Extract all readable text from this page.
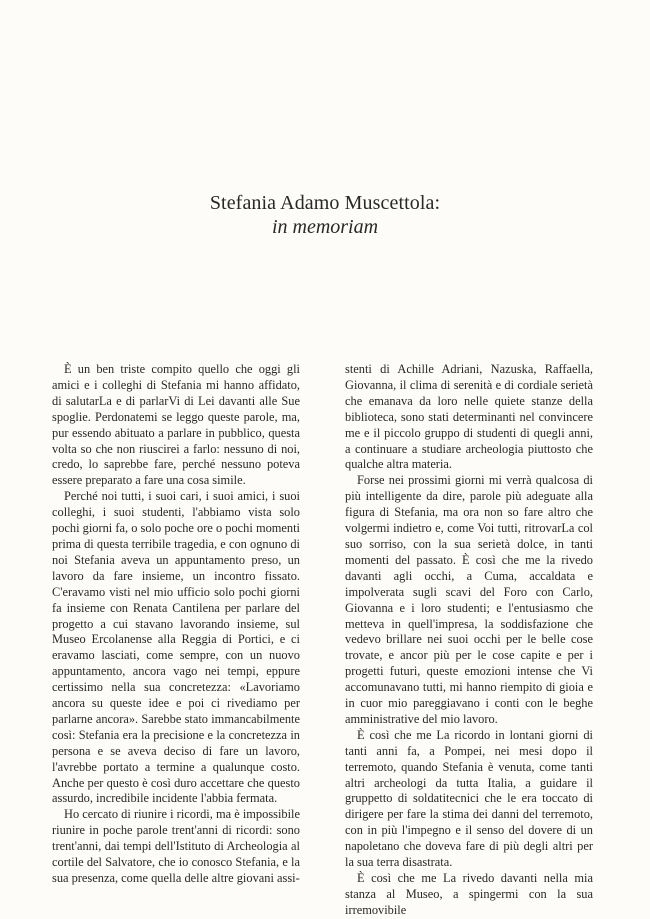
Stefania Adamo Muscettola:
in memoriam

È un ben triste compito quello che oggi gli amici e i colleghi di Stefania mi hanno affidato, di salutarLa e di parlarVi di Lei davanti alle Sue spoglie. Perdonatemi se leggo queste parole, ma, pur essendo abituato a parlare in pubblico, questa volta so che non riuscirei a farlo: nessuno di noi, credo, lo saprebbe fare, perché nessuno poteva essere preparato a fare una cosa simile.

Perché noi tutti, i suoi cari, i suoi amici, i suoi colleghi, i suoi studenti, l'abbiamo vista solo pochi giorni fa, o solo poche ore o pochi momenti prima di questa terribile tragedia, e con ognuno di noi Stefania aveva un appuntamento preso, un lavoro da fare insieme, un incontro fissato. C'eravamo visti nel mio ufficio solo pochi giorni fa insieme con Renata Cantilena per parlare del progetto a cui stavano lavorando insieme, sul Museo Ercolanense alla Reggia di Portici, e ci eravamo lasciati, come sempre, con un nuovo appuntamento, ancora vago nei tempi, eppure certissimo nella sua concretezza: «Lavoriamo ancora su queste idee e poi ci rivediamo per parlarne ancora». Sarebbe stato immancabilmente così: Stefania era la precisione e la concretezza in persona e se aveva deciso di fare un lavoro, l'avrebbe portato a termine a qualunque costo. Anche per questo è così duro accettare che questo assurdo, incredibile incidente l'abbia fermata.

Ho cercato di riunire i ricordi, ma è impossibile riunire in poche parole trent'anni di ricordi: sono trent'anni, dai tempi dell'Istituto di Archeologia al cortile del Salvatore, che io conosco Stefania, e la sua presenza, come quella delle altre giovani assi-

stenti di Achille Adriani, Nazuska, Raffaella, Giovanna, il clima di serenità e di cordiale serietà che emanava da loro nelle quiete stanze della biblioteca, sono stati determinanti nel convincere me e il piccolo gruppo di studenti di quegli anni, a continuare a studiare archeologia piuttosto che qualche altra materia.

Forse nei prossimi giorni mi verrà qualcosa di più intelligente da dire, parole più adeguate alla figura di Stefania, ma ora non so fare altro che volgermi indietro e, come Voi tutti, ritrovarLa col suo sorriso, con la sua serietà dolce, in tanti momenti del passato. È così che me la rivedo davanti agli occhi, a Cuma, accaldata e impolverata sugli scavi del Foro con Carlo, Giovanna e i loro studenti; e l'entusiasmo che metteva in quell'impresa, la soddisfazione che vedevo brillare nei suoi occhi per le belle cose trovate, e ancor più per le cose capite e per i progetti futuri, queste emozioni intense che Vi accomunavano tutti, mi hanno riempito di gioia e in cuor mio pareggiavano i conti con le beghe amministrative del mio lavoro.

È così che me La ricordo in lontani giorni di tanti anni fa, a Pompei, nei mesi dopo il terremoto, quando Stefania è venuta, come tanti altri archeologi da tutta Italia, a guidare il gruppetto di soldatitecnici che le era toccato di dirigere per fare la stima dei danni del terremoto, con in più l'impegno e il senso del dovere di un napoletano che doveva fare di più degli altri per la sua terra disastrata.

È così che me La rivedo davanti nella mia stanza al Museo, a spingermi con la sua irremovibile
